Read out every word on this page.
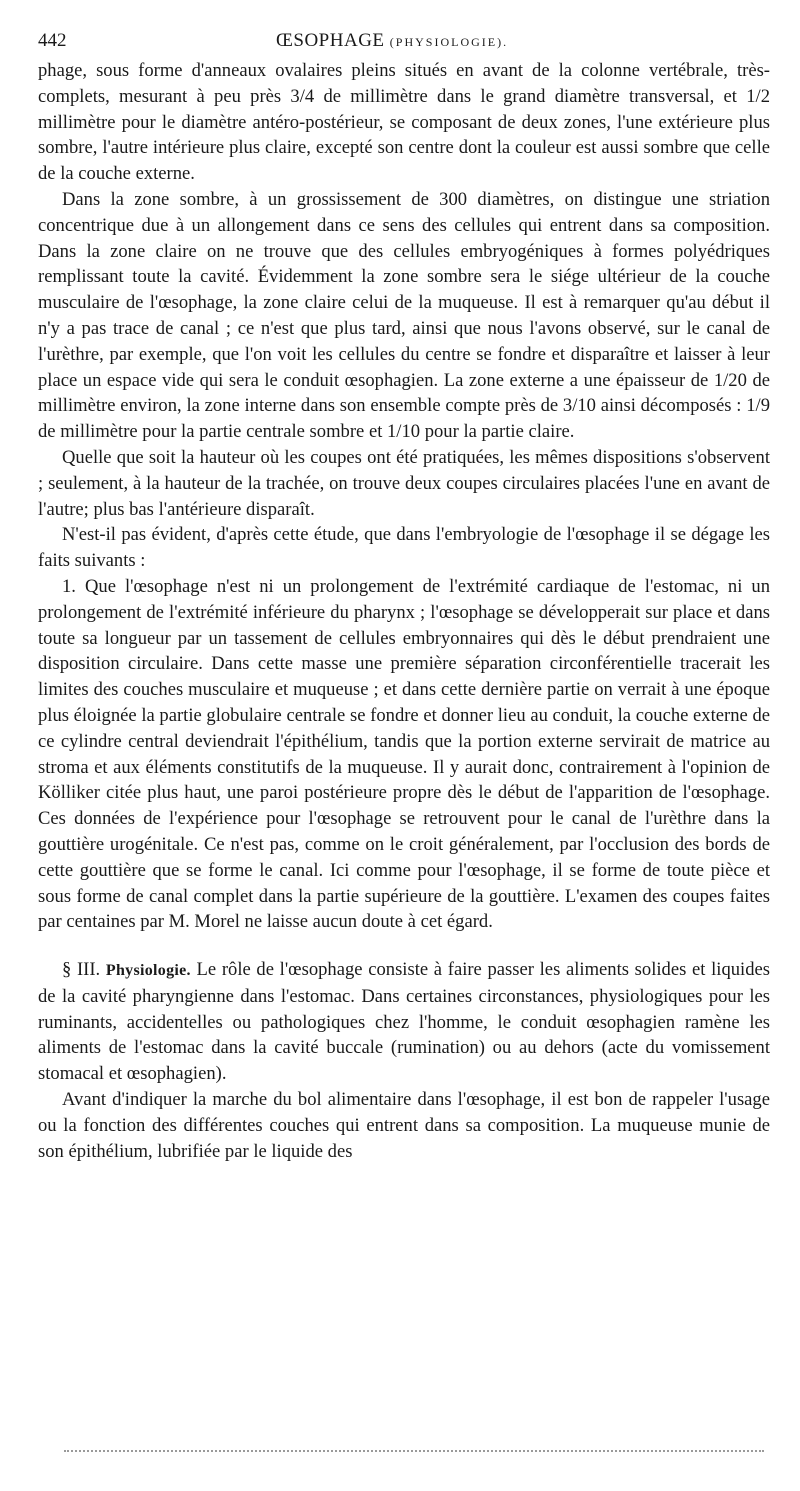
442	ŒSOPHAGE (PHYSIOLOGIE).

phage, sous forme d'anneaux ovalaires pleins situés en avant de la colonne vertébrale, très-complets, mesurant à peu près 3/4 de millimètre dans le grand diamètre transversal, et 1/2 millimètre pour le diamètre antéro-postérieur, se composant de deux zones, l'une extérieure plus sombre, l'autre intérieure plus claire, excepté son centre dont la couleur est aussi sombre que celle de la couche externe.

Dans la zone sombre, à un grossissement de 300 diamètres, on distingue une striation concentrique due à un allongement dans ce sens des cellules qui entrent dans sa composition. Dans la zone claire on ne trouve que des cellules embryogéniques à formes polyédriques remplissant toute la cavité. Évidemment la zone sombre sera le siége ultérieur de la couche musculaire de l'œsophage, la zone claire celui de la muqueuse. Il est à remarquer qu'au début il n'y a pas trace de canal ; ce n'est que plus tard, ainsi que nous l'avons observé, sur le canal de l'urèthre, par exemple, que l'on voit les cellules du centre se fondre et disparaître et laisser à leur place un espace vide qui sera le conduit œsophagien. La zone externe a une épaisseur de 1/20 de millimètre environ, la zone interne dans son ensemble compte près de 3/10 ainsi décomposés : 1/9 de millimètre pour la partie centrale sombre et 1/10 pour la partie claire.

Quelle que soit la hauteur où les coupes ont été pratiquées, les mêmes dispositions s'observent ; seulement, à la hauteur de la trachée, on trouve deux coupes circulaires placées l'une en avant de l'autre; plus bas l'antérieure disparaît.

N'est-il pas évident, d'après cette étude, que dans l'embryologie de l'œsophage il se dégage les faits suivants :

1. Que l'œsophage n'est ni un prolongement de l'extrémité cardiaque de l'estomac, ni un prolongement de l'extrémité inférieure du pharynx ; l'œsophage se développerait sur place et dans toute sa longueur par un tassement de cellules embryonnaires qui dès le début prendraient une disposition circulaire. Dans cette masse une première séparation circonférentielle tracerait les limites des couches musculaire et muqueuse ; et dans cette dernière partie on verrait à une époque plus éloignée la partie globulaire centrale se fondre et donner lieu au conduit, la couche externe de ce cylindre central deviendrait l'épithélium, tandis que la portion externe servirait de matrice au stroma et aux éléments constitutifs de la muqueuse. Il y aurait donc, contrairement à l'opinion de Kölliker citée plus haut, une paroi postérieure propre dès le début de l'apparition de l'œsophage. Ces données de l'expérience pour l'œsophage se retrouvent pour le canal de l'urèthre dans la gouttière urogénitale. Ce n'est pas, comme on le croit généralement, par l'occlusion des bords de cette gouttière que se forme le canal. Ici comme pour l'œsophage, il se forme de toute pièce et sous forme de canal complet dans la partie supérieure de la gouttière. L'examen des coupes faites par centaines par M. Morel ne laisse aucun doute à cet égard.

§ III. Physiologie. Le rôle de l'œsophage consiste à faire passer les aliments solides et liquides de la cavité pharyngienne dans l'estomac. Dans certaines circonstances, physiologiques pour les ruminants, accidentelles ou pathologiques chez l'homme, le conduit œsophagien ramène les aliments de l'estomac dans la cavité buccale (rumination) ou au dehors (acte du vomissement stomacal et œsophagien).

Avant d'indiquer la marche du bol alimentaire dans l'œsophage, il est bon de rappeler l'usage ou la fonction des différentes couches qui entrent dans sa composition. La muqueuse munie de son épithélium, lubrifiée par le liquide des
